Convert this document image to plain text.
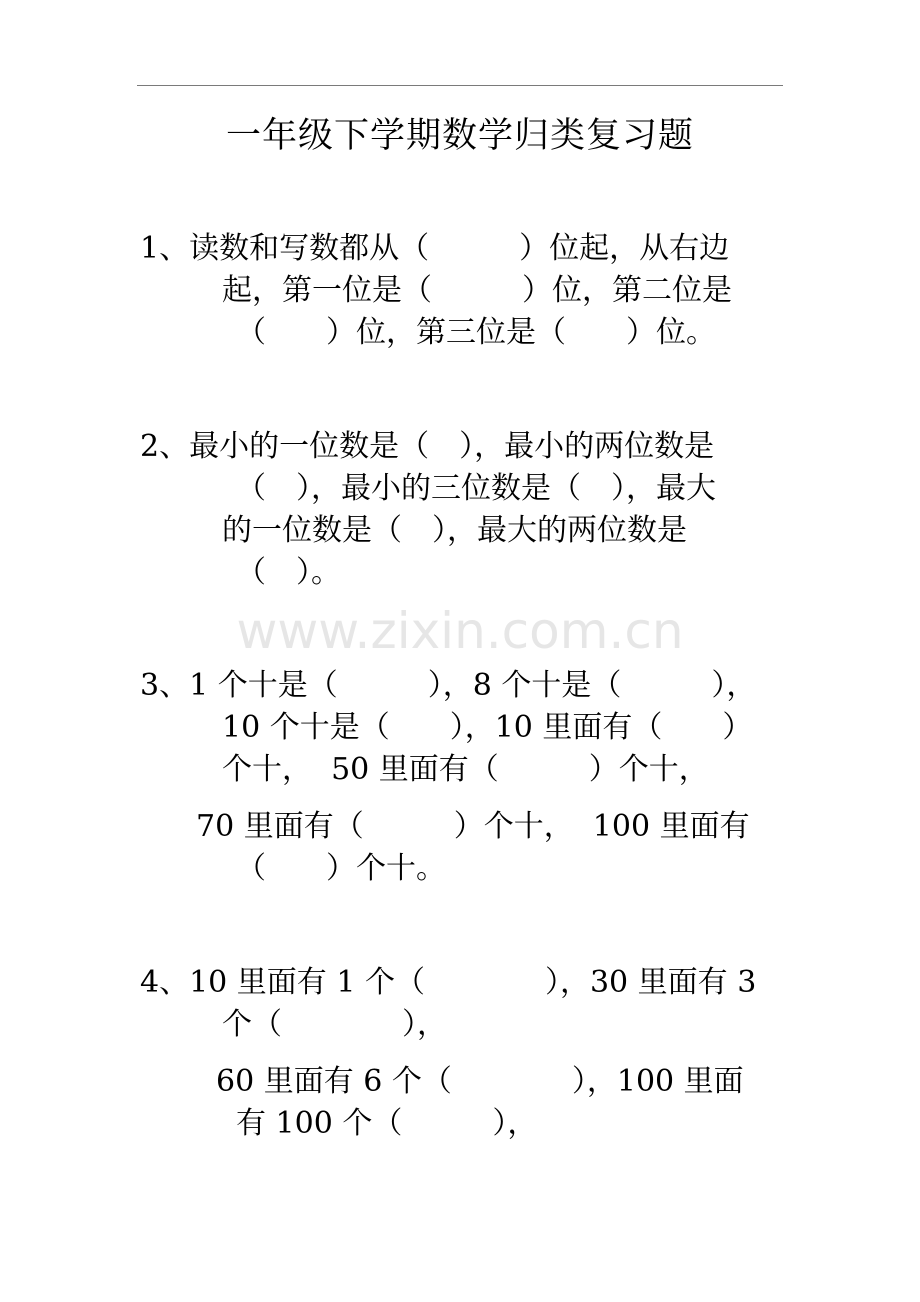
一年级下学期数学归类复习题
www.zixin.com.cn
1、读数和写数都从（　　　）位起，从右边
起，第一位是（　　　）位，第二位是
（　　）位，第三位是（　　）位。
2、最小的一位数是（　），最小的两位数是
（　），最小的三位数是（　），最大
的一位数是（　），最大的两位数是
（　）。
3、1 个十是（　　　），8 个十是（　　　），
10 个十是（　　），10 里面有（　　）
个十，  50 里面有（　　　）个十，
70 里面有（　　　）个十，  100 里面有
（　　）个十。
4、10 里面有 1 个（　　　　），30 里面有 3
个（　　　　），
60 里面有 6 个（　　　　），100 里面
有 100 个（　　　），
